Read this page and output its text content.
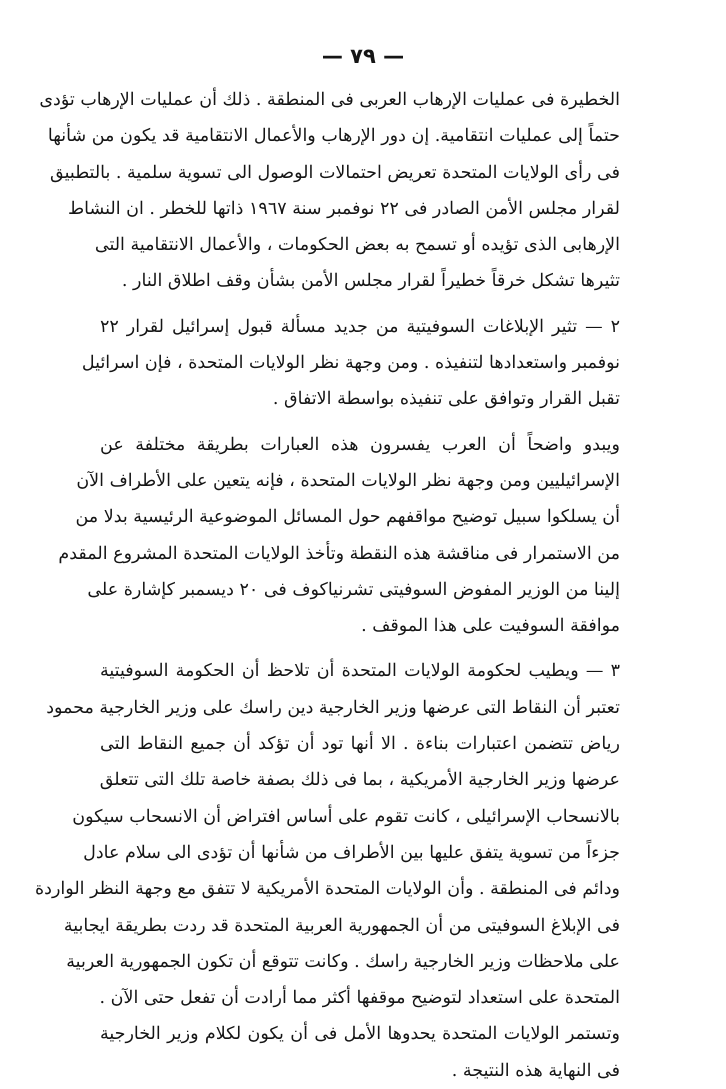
— ٧٩ —
الخطيرة فى عمليات الإرهاب العربى فى المنطقة . ذلك أن عمليات الإرهاب تؤدى
حتماً إلى عمليات انتقامية. إن دور الإرهاب والأعمال الانتقامية قد يكون من شأنها
فى رأى الولايات المتحدة تعريض احتمالات الوصول الى تسوية سلمية . بالتطبيق
لقرار مجلس الأمن الصادر فى ٢٢ نوفمبر سنة ١٩٦٧ ذاتها للخطر . ان النشاط
الإرهابى الذى تؤيده أو تسمح به بعض الحكومات ، والأعمال الانتقامية التى
تثيرها تشكل خرقاً خطيراً لقرار مجلس الأمن بشأن وقف اطلاق النار .
٢ — تثير الإبلاغات السوفيتية من جديد مسألة قبول إسرائيل لقرار ٢٢
نوفمبر واستعدادها لتنفيذه . ومن وجهة نظر الولايات المتحدة ، فإن اسرائيل
تقبل القرار وتوافق على تنفيذه بواسطة الاتفاق .
ويبدو واضحاً أن العرب يفسرون هذه العبارات بطريقة مختلفة عن
الإسرائيليين ومن وجهة نظر الولايات المتحدة ، فإنه يتعين على الأطراف الآن
أن يسلكوا سبيل توضيح مواقفهم حول المسائل الموضوعية الرئيسية بدلا من
من الاستمرار فى مناقشة هذه النقطة وتأخذ الولايات المتحدة المشروع المقدم
إلينا من الوزير المفوض السوفيتى تشرنياكوف فى ٢٠ ديسمبر كإشارة على
موافقة السوفيت على هذا الموقف .
٣ — ويطيب لحكومة الولايات المتحدة أن تلاحظ أن الحكومة السوفيتية
تعتبر أن النقاط التى عرضها وزير الخارجية دين راسك على وزير الخارجية محمود
رياض تتضمن اعتبارات بناءة . الا أنها تود أن تؤكد أن جميع النقاط التى
عرضها وزير الخارجية الأمريكية ، بما فى ذلك بصفة خاصة تلك التى تتعلق
بالانسحاب الإسرائيلى ، كانت تقوم على أساس افتراض أن الانسحاب سيكون
جزءاً من تسوية يتفق عليها بين الأطراف من شأنها أن تؤدى الى سلام عادل
ودائم فى المنطقة . وأن الولايات المتحدة الأمريكية لا تتفق مع وجهة النظر الواردة
فى الإبلاغ السوفيتى من أن الجمهورية العربية المتحدة قد ردت بطريقة ايجابية
على ملاحظات وزير الخارجية راسك . وكانت تتوقع أن تكون الجمهورية العربية
المتحدة على استعداد لتوضيح موقفها أكثر مما أرادت أن تفعل حتى الآن .
وتستمر الولايات المتحدة يحدوها الأمل فى أن يكون لكلام وزير الخارجية
فى النهاية هذه النتيجة .
